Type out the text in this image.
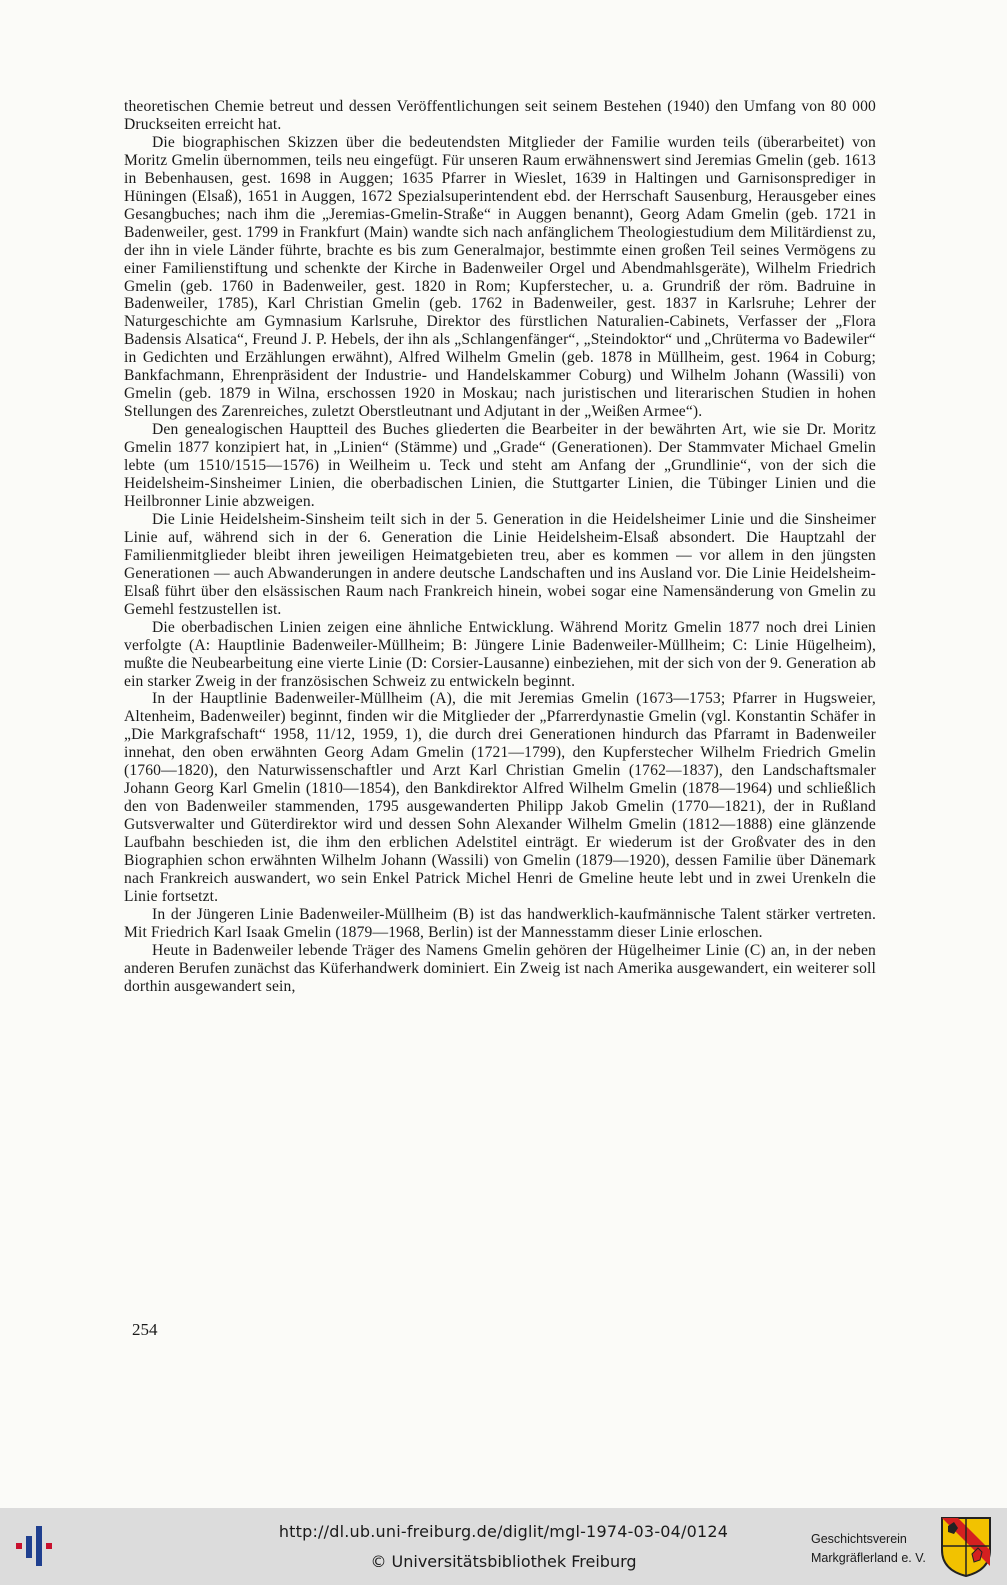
theoretischen Chemie betreut und dessen Veröffentlichungen seit seinem Bestehen (1940) den Umfang von 80 000 Druckseiten erreicht hat.

Die biographischen Skizzen über die bedeutendsten Mitglieder der Familie wurden teils (überarbeitet) von Moritz Gmelin übernommen, teils neu eingefügt. Für unseren Raum erwähnenswert sind Jeremias Gmelin (geb. 1613 in Bebenhausen, gest. 1698 in Auggen; 1635 Pfarrer in Wieslet, 1639 in Haltingen und Garnisonsprediger in Hüningen (Elsaß), 1651 in Auggen, 1672 Spezialsuperintendent ebd. der Herrschaft Sausenburg, Herausgeber eines Gesangbuches; nach ihm die „Jeremias-Gmelin-Straße“ in Auggen benannt), Georg Adam Gmelin (geb. 1721 in Badenweiler, gest. 1799 in Frankfurt (Main) wandte sich nach anfänglichem Theologiestudium dem Militärdienst zu, der ihn in viele Länder führte, brachte es bis zum Generalmajor, bestimmte einen großen Teil seines Vermögens zu einer Familienstiftung und schenkte der Kirche in Badenweiler Orgel und Abendmahlsgeräte), Wilhelm Friedrich Gmelin (geb. 1760 in Badenweiler, gest. 1820 in Rom; Kupferstecher, u. a. Grundriß der röm. Badruine in Badenweiler, 1785), Karl Christian Gmelin (geb. 1762 in Badenweiler, gest. 1837 in Karlsruhe; Lehrer der Naturgeschichte am Gymnasium Karlsruhe, Direktor des fürstlichen Naturalien-Cabinets, Verfasser der „Flora Badensis Alsatica“, Freund J. P. Hebels, der ihn als „Schlangenfänger“, „Steindoktor“ und „Chrüterma vo Badewiler“ in Gedichten und Erzählungen erwähnt), Alfred Wilhelm Gmelin (geb. 1878 in Müllheim, gest. 1964 in Coburg; Bankfachmann, Ehrenpräsident der Industrie- und Handelskammer Coburg) und Wilhelm Johann (Wassili) von Gmelin (geb. 1879 in Wilna, erschossen 1920 in Moskau; nach juristischen und literarischen Studien in hohen Stellungen des Zarenreiches, zuletzt Oberstleutnant und Adjutant in der „Weißen Armee“).

Den genealogischen Hauptteil des Buches gliederten die Bearbeiter in der bewährten Art, wie sie Dr. Moritz Gmelin 1877 konzipiert hat, in „Linien“ (Stämme) und „Grade“ (Generationen). Der Stammvater Michael Gmelin lebte (um 1510/1515—1576) in Weilheim u. Teck und steht am Anfang der „Grundlinie“, von der sich die Heidelsheim-Sinsheimer Linien, die oberbadischen Linien, die Stuttgarter Linien, die Tübinger Linien und die Heilbronner Linie abzweigen.

Die Linie Heidelsheim-Sinsheim teilt sich in der 5. Generation in die Heidelsheimer Linie und die Sinsheimer Linie auf, während sich in der 6. Generation die Linie Heidelsheim-Elsaß absondert. Die Hauptzahl der Familienmitglieder bleibt ihren jeweiligen Heimatgebieten treu, aber es kommen — vor allem in den jüngsten Generationen — auch Abwanderungen in andere deutsche Landschaften und ins Ausland vor. Die Linie Heidelsheim-Elsaß führt über den elsässischen Raum nach Frankreich hinein, wobei sogar eine Namensänderung von Gmelin zu Gemehl festzustellen ist.

Die oberbadischen Linien zeigen eine ähnliche Entwicklung. Während Moritz Gmelin 1877 noch drei Linien verfolgte (A: Hauptlinie Badenweiler-Müllheim; B: Jüngere Linie Badenweiler-Müllheim; C: Linie Hügelheim), mußte die Neubearbeitung eine vierte Linie (D: Corsier-Lausanne) einbeziehen, mit der sich von der 9. Generation ab ein starker Zweig in der französischen Schweiz zu entwickeln beginnt.

In der Hauptlinie Badenweiler-Müllheim (A), die mit Jeremias Gmelin (1673—1753; Pfarrer in Hugsweier, Altenheim, Badenweiler) beginnt, finden wir die Mitglieder der „Pfarrerdynastie Gmelin (vgl. Konstantin Schäfer in „Die Markgrafschaft“ 1958, 11/12, 1959, 1), die durch drei Generationen hindurch das Pfarramt in Badenweiler innehat, den oben erwähnten Georg Adam Gmelin (1721—1799), den Kupferstecher Wilhelm Friedrich Gmelin (1760—1820), den Naturwissenschaftler und Arzt Karl Christian Gmelin (1762—1837), den Landschaftsmaler Johann Georg Karl Gmelin (1810—1854), den Bankdirektor Alfred Wilhelm Gmelin (1878—1964) und schließlich den von Badenweiler stammenden, 1795 ausgewanderten Philipp Jakob Gmelin (1770—1821), der in Rußland Gutsverwalter und Güterdirektor wird und dessen Sohn Alexander Wilhelm Gmelin (1812—1888) eine glänzende Laufbahn beschieden ist, die ihm den erblichen Adelstitel einträgt. Er wiederum ist der Großvater des in den Biographien schon erwähnten Wilhelm Johann (Wassili) von Gmelin (1879—1920), dessen Familie über Dänemark nach Frankreich auswandert, wo sein Enkel Patrick Michel Henri de Gmeline heute lebt und in zwei Urenkeln die Linie fortsetzt.

In der Jüngeren Linie Badenweiler-Müllheim (B) ist das handwerklich-kaufmännische Talent stärker vertreten. Mit Friedrich Karl Isaak Gmelin (1879—1968, Berlin) ist der Mannesstamm dieser Linie erloschen.

Heute in Badenweiler lebende Träger des Namens Gmelin gehören der Hügelheimer Linie (C) an, in der neben anderen Berufen zunächst das Küferhandwerk dominiert. Ein Zweig ist nach Amerika ausgewandert, ein weiterer soll dorthin ausgewandert sein,

254
http://dl.ub.uni-freiburg.de/diglit/mgl-1974-03-04/0124
© Universitätsbibliothek Freiburg
Geschichtsverein
Markgräflerland e. V.
